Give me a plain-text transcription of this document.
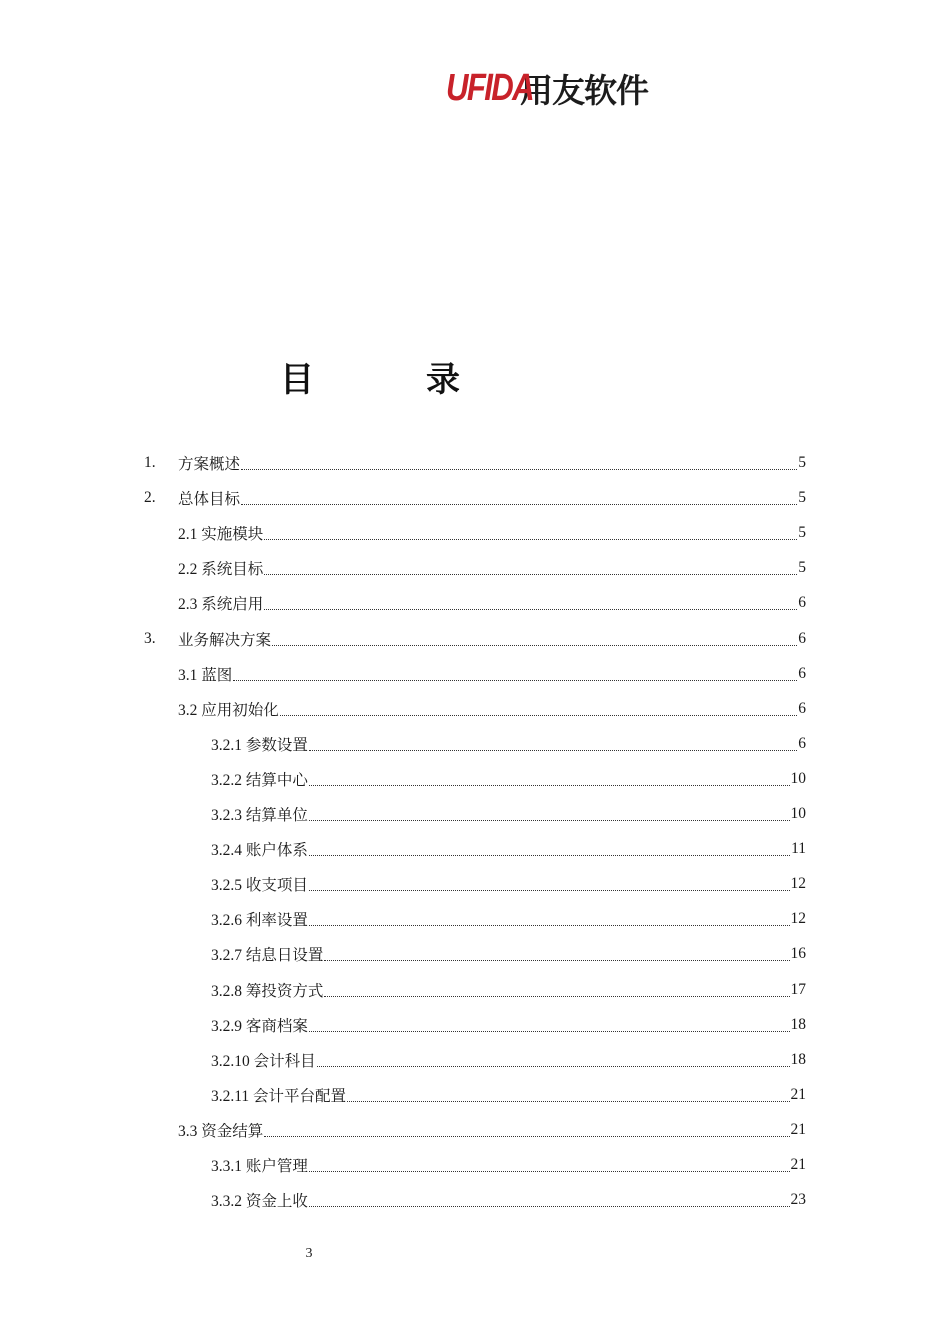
UFIDA
用友软件
目	录
1.	方案概述	5
2.	总体目标	5
2.1 实施模块	5
2.2 系统目标	5
2.3 系统启用	6
3.	业务解决方案	6
3.1 蓝图	6
3.2 应用初始化	6
3.2.1 参数设置	6
3.2.2 结算中心	10
3.2.3 结算单位	10
3.2.4 账户体系	11
3.2.5 收支项目	12
3.2.6 利率设置	12
3.2.7 结息日设置	16
3.2.8 筹投资方式	17
3.2.9 客商档案	18
3.2.10 会计科目	18
3.2.11 会计平台配置	21
3.3 资金结算	21
3.3.1 账户管理	21
3.3.2 资金上收	23
3
